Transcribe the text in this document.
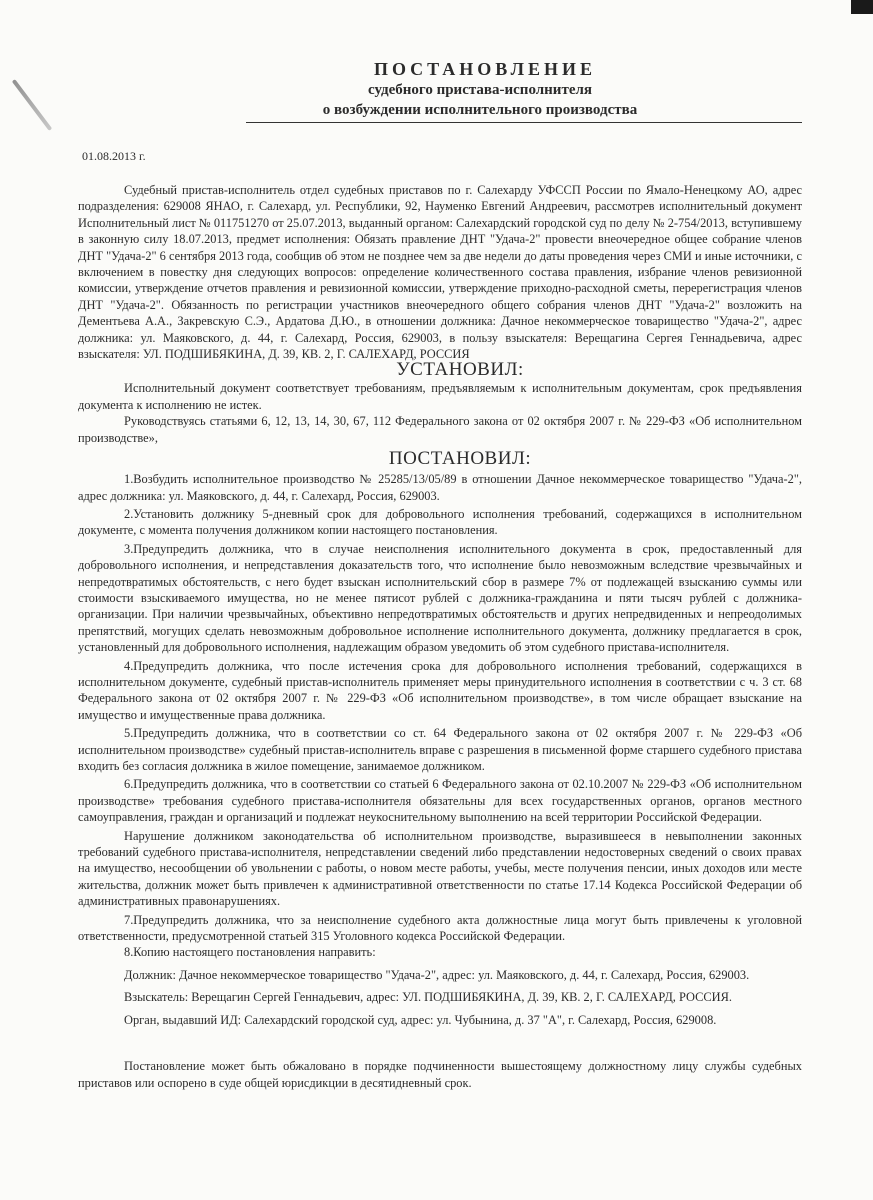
ПОСТАНОВЛЕНИЕ
судебного пристава-исполнителя
о возбуждении исполнительного производства
01.08.2013 г.

Судебный пристав-исполнитель отдел судебных приставов по г. Салехарду УФССП России по Ямало-Ненецкому АО, адрес подразделения: 629008 ЯНАО, г. Салехард, ул. Республики, 92, Науменко Евгений Андреевич, рассмотрев исполнительный документ Исполнительный лист № 011751270 от 25.07.2013, выданный органом: Салехардский городской суд по делу № 2-754/2013, вступившему в законную силу 18.07.2013, предмет исполнения: Обязать правление ДНТ "Удача-2" провести внеочередное общее собрание членов ДНТ "Удача-2" 6 сентября 2013 года, сообщив об этом не позднее чем за две недели до даты проведения через СМИ и иные источники, с включением в повестку дня следующих вопросов: определение количественного состава правления, избрание членов ревизионной комиссии, утверждение отчетов правления и ревизионной комиссии, утверждение приходно-расходной сметы, перерегистрация членов ДНТ "Удача-2". Обязанность по регистрации участников внеочередного общего собрания членов ДНТ "Удача-2" возложить на Дементьева А.А., Закревскую С.Э., Ардатова Д.Ю., в отношении должника: Дачное некоммерческое товарищество "Удача-2", адрес должника: ул. Маяковского, д. 44, г. Салехард, Россия, 629003, в пользу взыскателя: Верещагина Сергея Геннадьевича, адрес взыскателя: УЛ. ПОДШИБЯКИНА, Д. 39, КВ. 2, Г. САЛЕХАРД, РОССИЯ

УСТАНОВИЛ:

Исполнительный документ соответствует требованиям, предъявляемым к исполнительным документам, срок предъявления документа к исполнению не истек.

Руководствуясь статьями 6, 12, 13, 14, 30, 67, 112 Федерального закона от 02 октября 2007 г. № 229-ФЗ «Об исполнительном производстве»,

ПОСТАНОВИЛ:

1.Возбудить исполнительное производство № 25285/13/05/89 в отношении Дачное некоммерческое товарищество "Удача-2", адрес должника: ул. Маяковского, д. 44, г. Салехард, Россия, 629003.

2.Установить должнику 5-дневный срок для добровольного исполнения требований, содержащихся в исполнительном документе, с момента получения должником копии настоящего постановления.

3.Предупредить должника, что в случае неисполнения исполнительного документа в срок, предоставленный для добровольного исполнения, и непредставления доказательств того, что исполнение было невозможным вследствие чрезвычайных и непредотвратимых обстоятельств, с него будет взыскан исполнительский сбор в размере 7% от подлежащей взысканию суммы или стоимости взыскиваемого имущества, но не менее пятисот рублей с должника-гражданина и пяти тысяч рублей с должника-организации. При наличии чрезвычайных, объективно непредотвратимых обстоятельств и других непредвиденных и непреодолимых препятствий, могущих сделать невозможным добровольное исполнение исполнительного документа, должнику предлагается в срок, установленный для добровольного исполнения, надлежащим образом уведомить об этом судебного пристава-исполнителя.

4.Предупредить должника, что после истечения срока для добровольного исполнения требований, содержащихся в исполнительном документе, судебный пристав-исполнитель применяет меры принудительного исполнения в соответствии с ч. 3 ст. 68 Федерального закона от 02 октября 2007 г. № 229-ФЗ «Об исполнительном производстве», в том числе обращает взыскание на имущество и имущественные права должника.

5.Предупредить должника, что в соответствии со ст. 64 Федерального закона от 02 октября 2007 г. № 229-ФЗ «Об исполнительном производстве» судебный пристав-исполнитель вправе с разрешения в письменной форме старшего судебного пристава входить без согласия должника в жилое помещение, занимаемое должником.

6.Предупредить должника, что в соответствии со статьей 6 Федерального закона от 02.10.2007 № 229-ФЗ «Об исполнительном производстве» требования судебного пристава-исполнителя обязательны для всех государственных органов, органов местного самоуправления, граждан и организаций и подлежат неукоснительному выполнению на всей территории Российской Федерации.

Нарушение должником законодательства об исполнительном производстве, выразившееся в невыполнении законных требований судебного пристава-исполнителя, непредставлении сведений либо представлении недостоверных сведений о своих правах на имущество, несообщении об увольнении с работы, о новом месте работы, учебы, месте получения пенсии, иных доходов или месте жительства, должник может быть привлечен к административной ответственности по статье 17.14 Кодекса Российской Федерации об административных правонарушениях.

7.Предупредить должника, что за неисполнение судебного акта должностные лица могут быть привлечены к уголовной ответственности, предусмотренной статьей 315 Уголовного кодекса Российской Федерации.

8.Копию настоящего постановления направить:

Должник: Дачное некоммерческое товарищество "Удача-2", адрес: ул. Маяковского, д. 44, г. Салехард, Россия, 629003.

Взыскатель: Верещагин Сергей Геннадьевич, адрес: УЛ. ПОДШИБЯКИНА, Д. 39, КВ. 2, Г. САЛЕХАРД, РОССИЯ.

Орган, выдавший ИД: Салехардский городской суд, адрес: ул. Чубынина, д. 37 "А", г. Салехард, Россия, 629008.

Постановление может быть обжаловано в порядке подчиненности вышестоящему должностному лицу службы судебных приставов или оспорено в суде общей юрисдикции в десятидневный срок.
